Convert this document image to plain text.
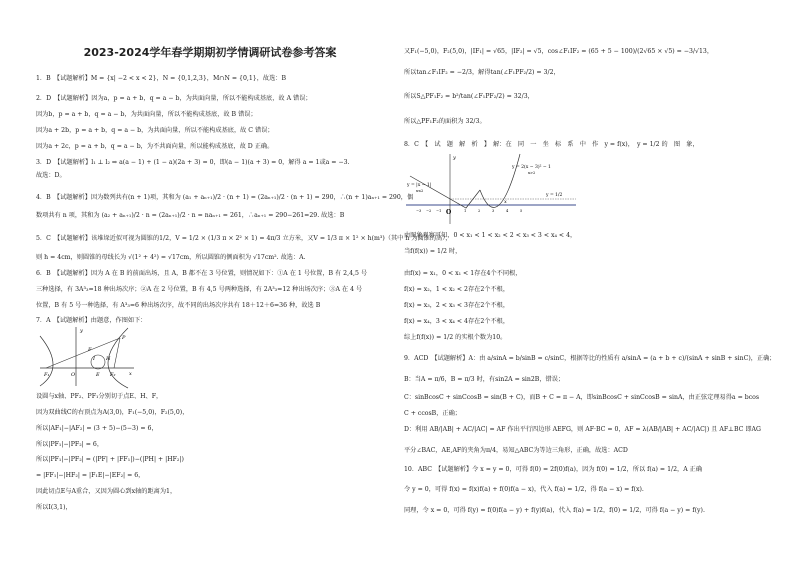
2023-2024学年春学期期初学情调研试卷参考答案
1．B　【试题解析】M = {x| −2 < x < 2}，N = {0,1,2,3}，M∩N = {0,1}，故选：B
2．D　【试题解析】因为a，p = a + b，q = a − b，为共面向量，所以不能构成基底，故 A 错误；
因为b，p = a + b，q = a − b，为共面向量，所以不能构成基底，故 B 错误；
因为a + 2b，p = a + b，q = a − b，为共面向量，所以不能构成基底，故 C 错误；
因为a + 2c，p = a + b，q = a − b，为不共面向量，所以能构成基底，故 D 正确。
3．D　【试题解析】l₁ ⊥ l₂ ⇒ a(a − 1) + (1 − a)(2a + 3) = 0，即(a − 1)(a + 3) = 0，解得 a = 1或a = −3.
故选：D。
4．B　【试题解析】因为数列共有(n + 1)项，其和为 (a₁ + aₙ₊₁)/2 · (n + 1) = (2aₙ₊₁)/2 · (n + 1) = 290，∴(n + 1)aₙ₊₁ = 290，偶
数项共有 n 项，其和为 (a₂ + aₙ₊₁)/2 · n = (2aₙ₊₁)/2 · n = naₙ₊₁ = 261，∴aₙ₊₁ = 290−261=29. 故选：B
5．C　【试题解析】该堆垛近似可视为圆锥的1/2，V = 1/2 × (1/3 π × 2² × 1) = 4π/3 立方米，又V = 1/3 π × 1² × h(m³)（其中 h 为圆锥的高），
则 h = 4cm，则圆锥的母线长为 √(1² + 4²) = √17cm，所以圆锥的侧面积为 √17cm². 故选：A.
6．B　【试题解析】因为 A 在 B 的前面出场，且 A，B 都不在 3 号位置，则情况如下：①A 在 1 号位置，B 有 2,4,5 号
三种选择，有 3A³₃=18 种出场次序；②A 在 2 号位置，B 有 4,5 号两种选择，有 2A³₃=12 种出场次序；③A 在 4 号
位置，B 有 5 号一种选择，有 A³₃=6 种出场次序，故不同的出场次序共有 18＋12＋6=36 种，故选 B
7．A　【试题解析】由题意，作图如下：
设圆与x轴、PF₂、PF₁分别切于点E、H、F，
因为双曲线C的右顶点为A(3,0)，F₁(−5,0)，F₂(5,0)，
所以|AF₁|−|AF₂| = (3 + 5)−(5−3) = 6，
所以|PF₁|−|PF₂| = 6，
所以|PF₁|−|PF₂| = (|PF| + |FF₁|)−(|PH| + |HF₂|)
= |FF₁|−|HF₂| = |F₁E|−|EF₂| = 6，
因此切点E与A重合，又因为圆心到x轴的距离为1，
所以I(3,1)，
又F₁(−5,0)，F₂(5,0)，|IF₁| = √65，|IF₂| = √5，cos∠F₁IF₂ = (65 + 5 − 100)/(2√65 × √5) = −3/√13，
所以tan∠F₁IF₂ = −2/3，解得tan(∠F₁PF₂/2) = 3/2，
所以S△PF₁F₂ = b²/tan(∠F₁PF₂/2) = 32/3，
所以△PF₁F₂的面积为 32/3。
8．C　【　试　题　解　析　】　解：在　同　一　坐　标　系　中　作　y = f(x)，　y = 1/2 的　图　象，
由图象观察可知，0 < x₁ < 1 < x₂ < 2 < x₃ < 3 < x₄ < 4，
当f(f(x)) = 1/2 时，
由f(x) = x₁，0 < x₁ < 1存在4个不同根，
f(x) = x₂，1 < x₂ < 2存在2个不根，
f(x) = x₃，2 < x₃ < 3存在2个不根，
f(x) = x₄，3 < x₄ < 4存在2个不根，
综上f(f(x)) = 1/2 的实根个数为10。
9．ACD　【试题解析】A：由 a/sinA = b/sinB = c/sinC，根据等比的性质有 a/sinA = (a + b + c)/(sinA + sinB + sinC)，正确；
B：当A = π/6，B = π/3 时，有sin2A = sin2B，错误；
C：sinBcosC + sinCcosB = sin(B + C)，而B + C = π − A，即sinBcosC + sinCcosB = sinA，由正弦定理易得a = bcos
C + ccosB，正确；
D：利用 AB/|AB| + AC/|AC| = AF 作出平行四边形 AEFG，则 AF·BC = 0，AF = λ(AB/|AB| + AC/|AC|) 且 AF⊥BC 即AG
平分∠BAC，AE,AF的夹角为π/4，易知△ABC为等边三角形，正确，故选：ACD
10．ABC　【试题解析】令 x = y = 0，可得 f(0) = 2f(0)f(a)，因为 f(0) = 1/2，所以 f(a) = 1/2，A 正确
令 y = 0，可得 f(x) = f(x)f(a) + f(0)f(a − x)，代入 f(a) = 1/2，得 f(a − x) = f(x).
同理，令 x = 0，可得 f(y) = f(0)f(a − y) + f(y)f(a)，代入 f(a) = 1/2，f(0) = 1/2，可得 f(a − y) = f(y).
y
P
F
I H
F₁	O	E F₂	x
y
y = |x − 1|
x≤2
y = 2(x − 3)² − 1
x>2
y = 1/2
x
O
−3 −2 −1	1	2	3	4	5
